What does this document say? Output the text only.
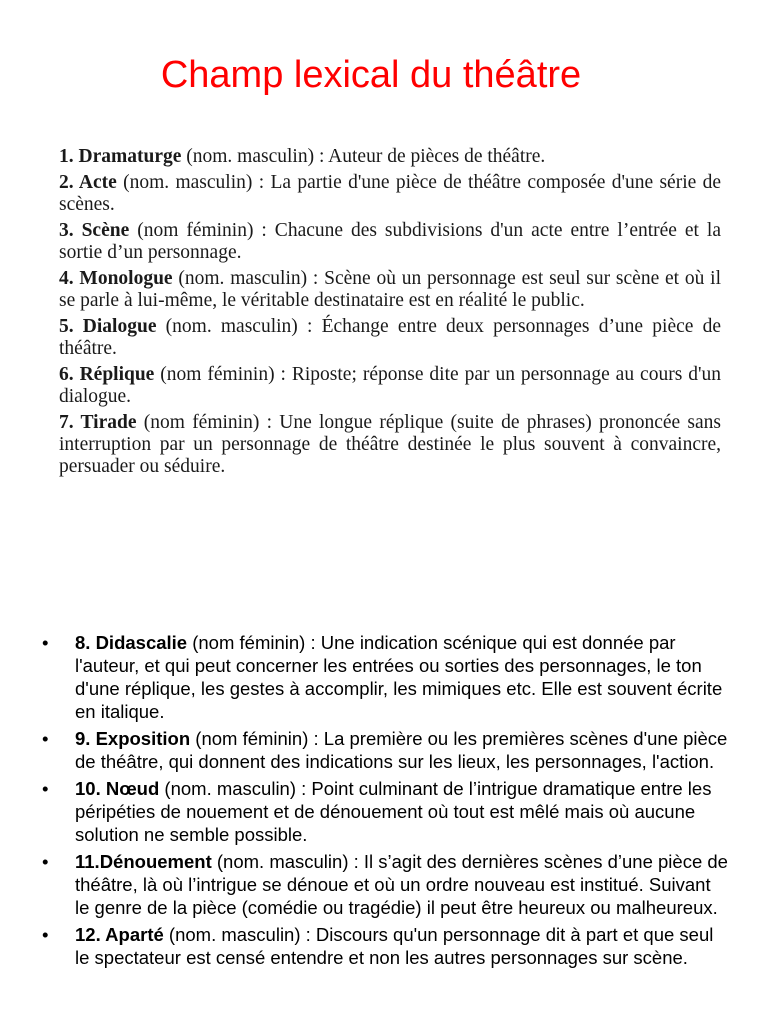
Champ lexical du théâtre

1. Dramaturge (nom. masculin) : Auteur de pièces de théâtre.

2. Acte (nom. masculin) : La partie d'une pièce de théâtre composée d'une série de scènes.

3. Scène (nom féminin) : Chacune des subdivisions d'un acte entre l’entrée et la sortie d’un personnage.

4. Monologue (nom. masculin) : Scène où un personnage est seul sur scène et où il se parle à lui-même, le véritable destinataire est en réalité le public.

5. Dialogue (nom. masculin) : Échange entre deux personnages d’une pièce de théâtre.

6. Réplique (nom féminin) : Riposte; réponse dite par un personnage au cours d'un dialogue.

7. Tirade (nom féminin) : Une longue réplique (suite de phrases) prononcée sans interruption par un personnage de théâtre destinée le plus souvent à convaincre, persuader ou séduire.

• 8. Didascalie (nom féminin) : Une indication scénique qui est donnée par l'auteur, et qui peut concerner les entrées ou sorties des personnages, le ton d'une réplique, les gestes à accomplir, les mimiques etc. Elle est souvent écrite en italique.
• 9. Exposition (nom féminin) : La première ou les premières scènes d'une pièce de théâtre, qui donnent des indications sur les lieux, les personnages, l'action.
• 10. Nœud (nom. masculin) : Point culminant de l’intrigue dramatique entre les péripéties de nouement et de dénouement où tout est mêlé mais où aucune solution ne semble possible.
• 11.Dénouement (nom. masculin) : Il s’agit des dernières scènes d’une pièce de théâtre, là où l’intrigue se dénoue et où un ordre nouveau est institué. Suivant le genre de la pièce (comédie ou tragédie) il peut être heureux ou malheureux.
• 12. Aparté (nom. masculin) : Discours qu'un personnage dit à part et que seul le spectateur est censé entendre et non les autres personnages sur scène.
